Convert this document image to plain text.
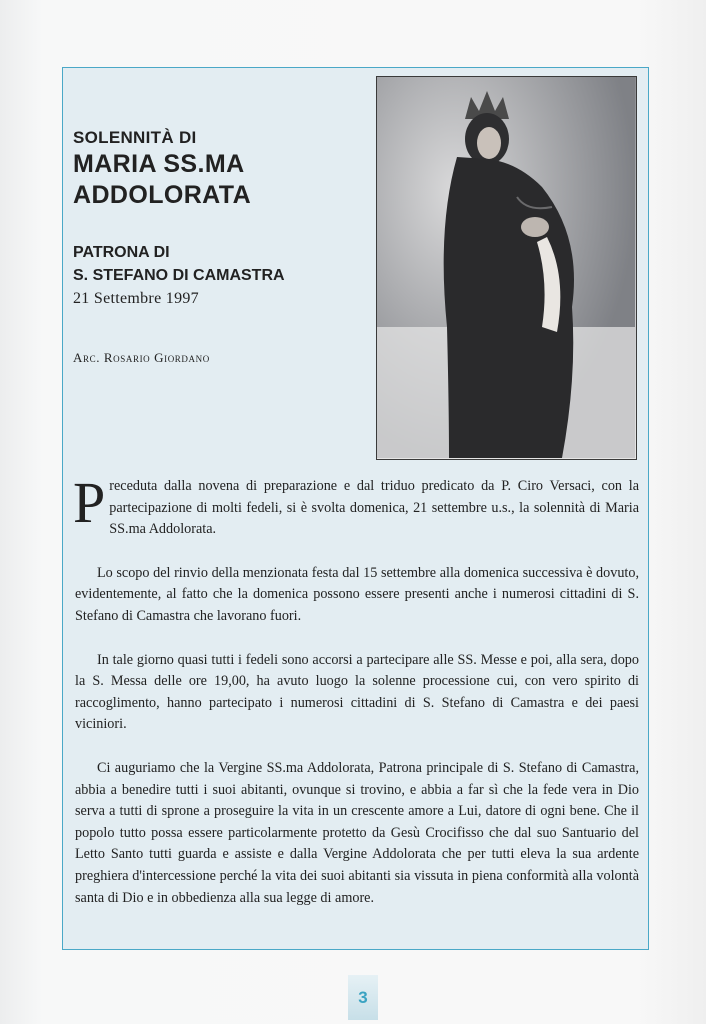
SOLENNITÀ DI

MARIA SS.MA

ADDOLORATA

PATRONA DI
S. STEFANO DI CAMASTRA
21 Settembre 1997
Arc. Rosario Giordano

Preceduta dalla novena di preparazione e dal triduo predicato da P. Ciro Versaci, con la partecipazione di molti fedeli, si è svolta domenica, 21 settembre u.s., la solennità di Maria SS.ma Addolorata.

Lo scopo del rinvio della menzionata festa dal 15 settembre alla domenica successiva è dovuto, evidentemente, al fatto che la domenica possono essere presenti anche i numerosi cittadini di S. Stefano di Camastra che lavorano fuori.

In tale giorno quasi tutti i fedeli sono accorsi a partecipare alle SS. Messe e poi, alla sera, dopo la S. Messa delle ore 19,00, ha avuto luogo la solenne processione cui, con vero spirito di raccoglimento, hanno partecipato i numerosi cittadini di S. Stefano di Camastra e dei paesi viciniori.

Ci auguriamo che la Vergine SS.ma Addolorata, Patrona principale di S. Stefano di Camastra, abbia a benedire tutti i suoi abitanti, ovunque si trovino, e abbia a far sì che la fede vera in Dio serva a tutti di sprone a proseguire la vita in un crescente amore a Lui, datore di ogni bene. Che il popolo tutto possa essere particolarmente protetto da Gesù Crocifisso che dal suo Santuario del Letto Santo tutti guarda e assiste e dalla Vergine Addolorata che per tutti eleva la sua ardente preghiera d'intercessione perché la vita dei suoi abitanti sia vissuta in piena conformità alla volontà santa di Dio e in obbedienza alla sua legge di amore.

3
